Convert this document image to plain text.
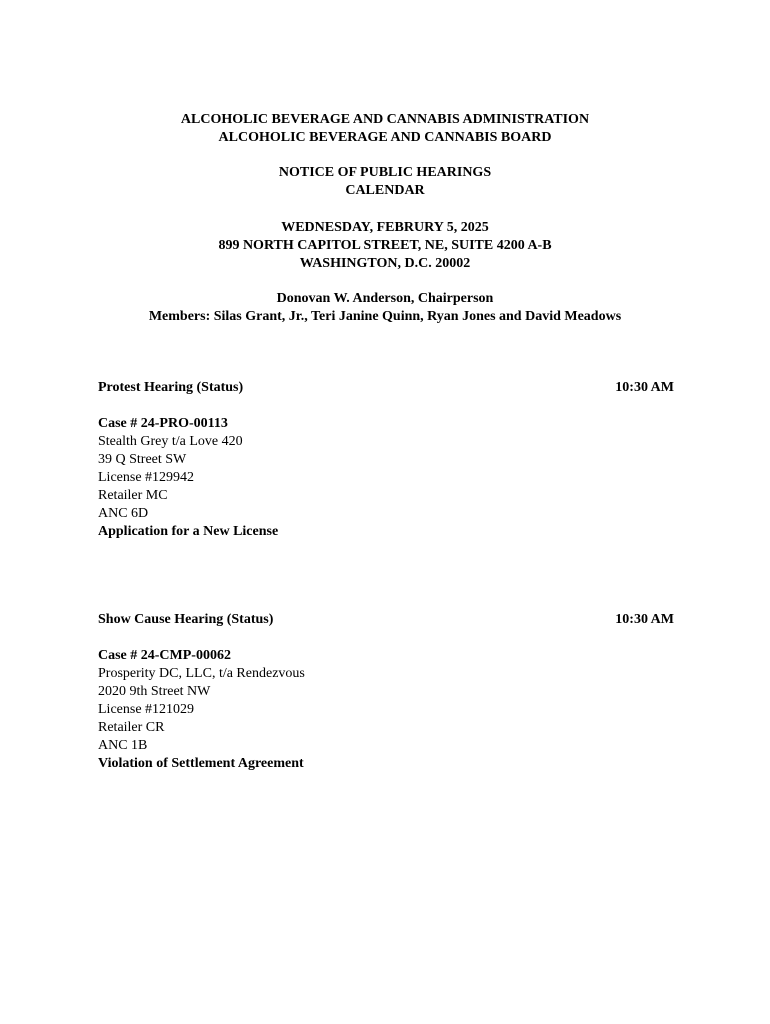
ALCOHOLIC BEVERAGE AND CANNABIS ADMINISTRATION
ALCOHOLIC BEVERAGE AND CANNABIS BOARD
NOTICE OF PUBLIC HEARINGS
CALENDAR
WEDNESDAY, FEBRURY 5, 2025
899 NORTH CAPITOL STREET, NE, SUITE 4200 A-B
WASHINGTON, D.C. 20002
Donovan W. Anderson, Chairperson
Members: Silas Grant, Jr., Teri Janine Quinn, Ryan Jones and David Meadows
Protest Hearing (Status)	10:30 AM
Case # 24-PRO-00113
Stealth Grey t/a Love 420
39 Q Street SW
License #129942
Retailer MC
ANC 6D
Application for a New License
Show Cause Hearing (Status)	10:30 AM
Case # 24-CMP-00062
Prosperity DC, LLC, t/a Rendezvous
2020 9th Street NW
License #121029
Retailer CR
ANC 1B
Violation of Settlement Agreement
